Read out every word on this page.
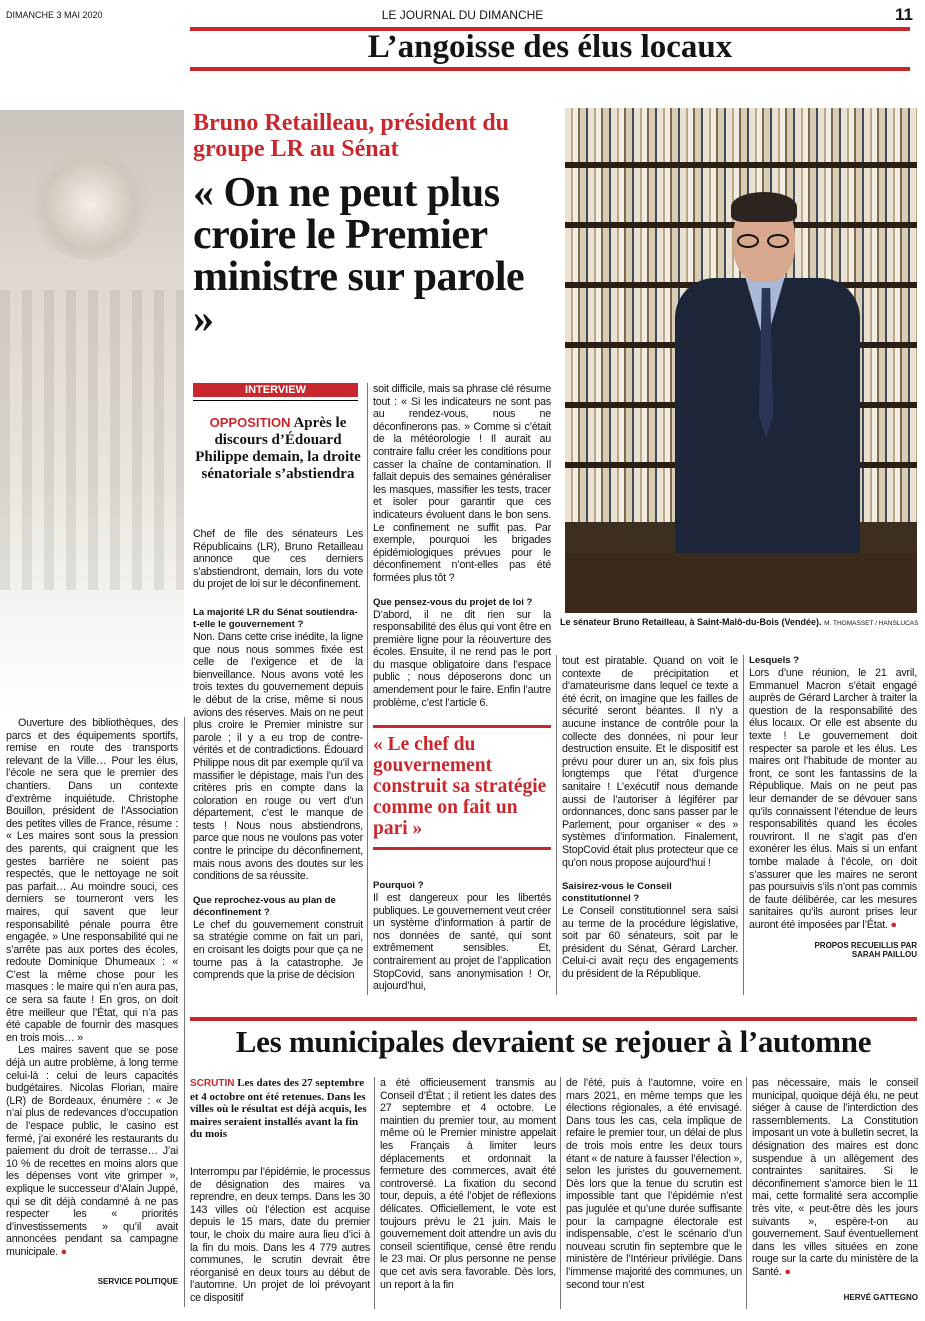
DIMANCHE 3 MAI 2020	LE JOURNAL DU DIMANCHE	11
L’angoisse des élus locaux
Le sénateur Bruno Retailleau, à Saint-Malô-du-Bois (Vendée). M. THOMASSET / HANSLUCAS
Bruno Retailleau, président du groupe LR au Sénat
« On ne peut plus croire le Premier ministre sur parole »
INTERVIEW
OPPOSITION Après le discours d’Édouard Philippe demain, la droite sénatoriale s’abstiendra
Chef de file des sénateurs Les Républicains (LR), Bruno Retailleau annonce que ces derniers s’abstiendront, demain, lors du vote du projet de loi sur le déconfinement.
La majorité LR du Sénat soutiendra-t-elle le gouvernement ?
Non. Dans cette crise inédite, la ligne que nous nous sommes fixée est celle de l’exigence et de la bienveillance. Nous avons voté les trois textes du gouvernement depuis le début de la crise, même si nous avions des réserves. Mais on ne peut plus croire le Premier ministre sur parole ; il y a eu trop de contre-vérités et de contradictions. Édouard Philippe nous dit par exemple qu’il va massifier le dépistage, mais l’un des critères pris en compte dans la coloration en rouge ou vert d’un département, c’est le manque de tests ! Nous nous abstiendrons, parce que nous ne voulons pas voter contre le principe du déconfinement, mais nous avons des doutes sur les conditions de sa réussite.
Que reprochez-vous au plan de déconfinement ?
Le chef du gouvernement construit sa stratégie comme on fait un pari, en croisant les doigts pour que ça ne tourne pas à la catastrophe. Je comprends que la prise de décision
soit difficile, mais sa phrase clé résume tout : « Si les indicateurs ne sont pas au rendez-vous, nous ne déconfinerons pas. » Comme si c’était de la météorologie ! Il aurait au contraire fallu créer les conditions pour casser la chaîne de contamination. Il fallait depuis des semaines généraliser les masques, massifier les tests, tracer et isoler pour garantir que ces indicateurs évoluent dans le bon sens. Le confinement ne suffit pas. Par exemple, pourquoi les brigades épidémiologiques prévues pour le déconfinement n’ont-elles pas été formées plus tôt ?
Que pensez-vous du projet de loi ?
D’abord, il ne dit rien sur la responsabilité des élus qui vont être en première ligne pour la réouverture des écoles. Ensuite, il ne rend pas le port du masque obligatoire dans l’espace public ; nous déposerons donc un amendement pour le faire. Enfin l’autre problème, c’est l’article 6.
« Le chef du gouvernement construit sa stratégie comme on fait un pari »
Pourquoi ?
Il est dangereux pour les libertés publiques. Le gouvernement veut créer un système d’information à partir de nos données de santé, qui sont extrêmement sensibles. Et, contrairement au projet de l’application StopCovid, sans anonymisation ! Or, aujourd’hui,
tout est piratable. Quand on voit le contexte de précipitation et d’amateurisme dans lequel ce texte a été écrit, on imagine que les failles de sécurité seront béantes. Il n’y a aucune instance de contrôle pour la collecte des données, ni pour leur destruction ensuite. Et le dispositif est prévu pour durer un an, six fois plus longtemps que l’état d’urgence sanitaire ! L’exécutif nous demande aussi de l’autoriser à légiférer par ordonnances, donc sans passer par le Parlement, pour organiser « des » systèmes d’information. Finalement, StopCovid était plus protecteur que ce qu’on nous propose aujourd’hui !
Saisirez-vous le Conseil constitutionnel ?
Le Conseil constitutionnel sera saisi au terme de la procédure législative, soit par 60 sénateurs, soit par le président du Sénat, Gérard Larcher. Celui-ci avait reçu des engagements du président de la République.
Lesquels ?
Lors d’une réunion, le 21 avril, Emmanuel Macron s’était engagé auprès de Gérard Larcher à traiter la question de la responsabilité des élus locaux. Or elle est absente du texte ! Le gouvernement doit respecter sa parole et les élus. Les maires ont l’habitude de monter au front, ce sont les fantassins de la République. Mais on ne peut pas leur demander de se dévouer sans qu’ils connaissent l’étendue de leurs responsabilités quand les écoles rouvriront. Il ne s’agit pas d’en exonérer les élus. Mais si un enfant tombe malade à l’école, on doit s’assurer que les maires ne seront pas poursuivis s’ils n’ont pas commis de faute délibérée, car les mesures sanitaires qu’ils auront prises leur auront été imposées par l’État. ●
PROPOS RECUEILLIS PAR SARAH PAILLOU
Ouverture des bibliothèques, des parcs et des équipements sportifs, remise en route des transports relevant de la Ville… Pour les élus, l’école ne sera que le premier des chantiers. Dans un contexte d’extrême inquiétude. Christophe Bouillon, président de l’Association des petites villes de France, résume : « Les maires sont sous la pression des parents, qui craignent que les gestes barrière ne soient pas respectés, que le nettoyage ne soit pas parfait… Au moindre souci, ces derniers se tourneront vers les maires, qui savent que leur responsabilité pénale pourra être engagée. » Une responsabilité qui ne s’arrête pas aux portes des écoles, redoute Dominique Dhumeaux : « C’est la même chose pour les masques : le maire qui n’en aura pas, ce sera sa faute ! En gros, on doit être meilleur que l’État, qui n’a pas été capable de fournir des masques en trois mois… »
Les maires savent que se pose déjà un autre problème, à long terme celui-là : celui de leurs capacités budgétaires. Nicolas Florian, maire (LR) de Bordeaux, énumère : « Je n’ai plus de redevances d’occupation de l’espace public, le casino est fermé, j’ai exonéré les restaurants du paiement du droit de terrasse… J’ai 10 % de recettes en moins alors que les dépenses vont vite grimper », explique le successeur d’Alain Juppé, qui se dit déjà condamné à ne pas respecter les « priorités d’investissements » qu’il avait annoncées pendant sa campagne municipale. ●
SERVICE POLITIQUE
Les municipales devraient se rejouer à l’automne
SCRUTIN Les dates des 27 septembre et 4 octobre ont été retenues. Dans les villes où le résultat est déjà acquis, les maires seraient installés avant la fin du mois
Interrompu par l’épidémie, le processus de désignation des maires va reprendre, en deux temps. Dans les 30 143 villes où l’élection est acquise depuis le 15 mars, date du premier tour, le choix du maire aura lieu d’ici à la fin du mois. Dans les 4 779 autres communes, le scrutin devrait être réorganisé en deux tours au début de l’automne. Un projet de loi prévoyant ce dispositif
a été officieusement transmis au Conseil d’État ; il retient les dates des 27 septembre et 4 octobre. Le maintien du premier tour, au moment même où le Premier ministre appelait les Français à limiter leurs déplacements et ordonnait la fermeture des commerces, avait été controversé. La fixation du second tour, depuis, a été l’objet de réflexions délicates. Officiellement, le vote est toujours prévu le 21 juin. Mais le gouvernement doit attendre un avis du conseil scientifique, censé être rendu le 23 mai. Or plus personne ne pense que cet avis sera favorable. Dès lors, un report à la fin
de l’été, puis à l’automne, voire en mars 2021, en même temps que les élections régionales, a été envisagé. Dans tous les cas, cela implique de refaire le premier tour, un délai de plus de trois mois entre les deux tours étant « de nature à fausser l’élection », selon les juristes du gouvernement. Dès lors que la tenue du scrutin est impossible tant que l’épidémie n’est pas jugulée et qu’une durée suffisante pour la campagne électorale est indispensable, c’est le scénario d’un nouveau scrutin fin septembre que le ministère de l’Intérieur privilégie. Dans l’immense majorité des communes, un second tour n’est
pas nécessaire, mais le conseil municipal, quoique déjà élu, ne peut siéger à cause de l’interdiction des rassemblements. La Constitution imposant un vote à bulletin secret, la désignation des maires est donc suspendue à un allègement des contraintes sanitaires. Si le déconfinement s’amorce bien le 11 mai, cette formalité sera accomplie très vite, « peut-être dès les jours suivants », espère-t-on au gouvernement. Sauf éventuellement dans les villes situées en zone rouge sur la carte du ministère de la Santé. ●
HERVÉ GATTEGNO
